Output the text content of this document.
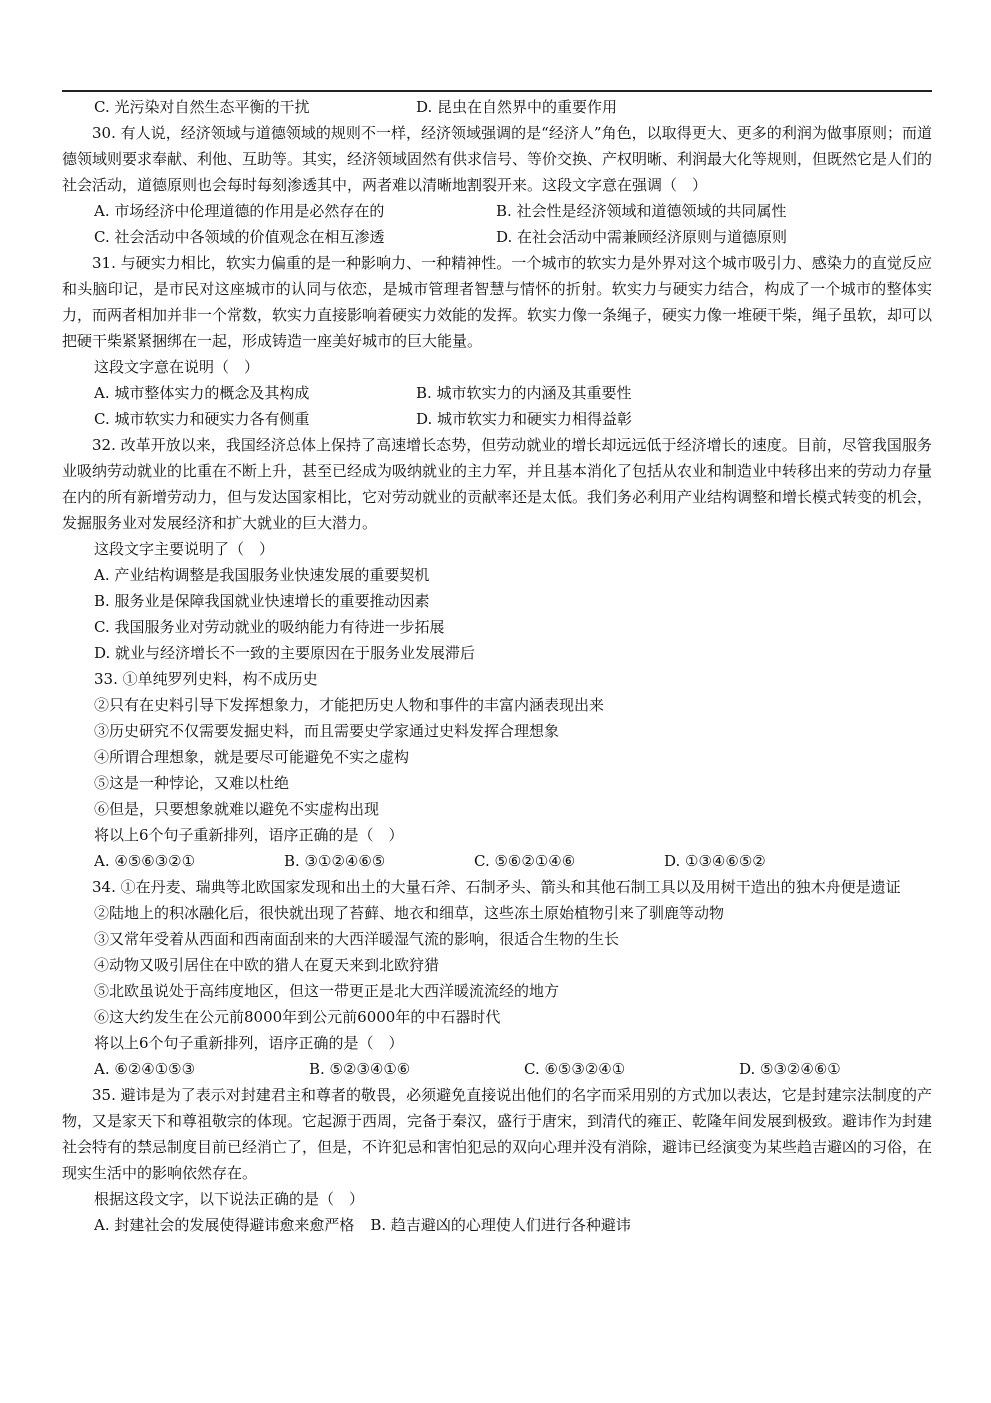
C. 光污染对自然生态平衡的干扰	D. 昆虫在自然界中的重要作用
30. 有人说，经济领域与道德领域的规则不一样，经济领域强调的是“经济人”角色，以取得更大、更多的利润为做事原则；而道德领域则要求奉献、利他、互助等。其实，经济领域固然有供求信号、等价交换、产权明晰、利润最大化等规则，但既然它是人们的社会活动，道德原则也会每时每刻渗透其中，两者难以清晰地割裂开来。这段文字意在强调（　）
A. 市场经济中伦理道德的作用是必然存在的	B. 社会性是经济领域和道德领域的共同属性
C. 社会活动中各领域的价值观念在相互渗透	D. 在社会活动中需兼顾经济原则与道德原则
31. 与硬实力相比，软实力偏重的是一种影响力、一种精神性。一个城市的软实力是外界对这个城市吸引力、感染力的直觉反应和头脑印记，是市民对这座城市的认同与依恋，是城市管理者智慧与情怀的折射。软实力与硬实力结合，构成了一个城市的整体实力，而两者相加并非一个常数，软实力直接影响着硬实力效能的发挥。软实力像一条绳子，硬实力像一堆硬干柴，绳子虽软，却可以把硬干柴紧紧捆绑在一起，形成铸造一座美好城市的巨大能量。
这段文字意在说明（　）
A. 城市整体实力的概念及其构成	B. 城市软实力的内涵及其重要性
C. 城市软实力和硬实力各有侧重	D. 城市软实力和硬实力相得益彰
32. 改革开放以来，我国经济总体上保持了高速增长态势，但劳动就业的增长却远远低于经济增长的速度。目前，尽管我国服务业吸纳劳动就业的比重在不断上升，甚至已经成为吸纳就业的主力军，并且基本消化了包括从农业和制造业中转移出来的劳动力存量在内的所有新增劳动力，但与发达国家相比，它对劳动就业的贡献率还是太低。我们务必利用产业结构调整和增长模式转变的机会，发掘服务业对发展经济和扩大就业的巨大潜力。
这段文字主要说明了（　）
A. 产业结构调整是我国服务业快速发展的重要契机
B. 服务业是保障我国就业快速增长的重要推动因素
C. 我国服务业对劳动就业的吸纳能力有待进一步拓展
D. 就业与经济增长不一致的主要原因在于服务业发展滞后
33. ①单纯罗列史料，构不成历史
②只有在史料引导下发挥想象力，才能把历史人物和事件的丰富内涵表现出来
③历史研究不仅需要发掘史料，而且需要史学家通过史料发挥合理想象
④所谓合理想象，就是要尽可能避免不实之虚构
⑤这是一种悖论，又难以杜绝
⑥但是，只要想象就难以避免不实虚构出现
将以上6个句子重新排列，语序正确的是（　）
A. ④⑤⑥③②①	B. ③①②④⑥⑤	C. ⑤⑥②①④⑥	D. ①③④⑥⑤②
34. ①在丹麦、瑞典等北欧国家发现和出土的大量石斧、石制矛头、箭头和其他石制工具以及用树干造出的独木舟便是遗证
②陆地上的积冰融化后，很快就出现了苔藓、地衣和细草，这些冻土原始植物引来了驯鹿等动物
③又常年受着从西面和西南面刮来的大西洋暖湿气流的影响，很适合生物的生长
④动物又吸引居住在中欧的猎人在夏天来到北欧狩猎
⑤北欧虽说处于高纬度地区，但这一带更正是北大西洋暖流流经的地方
⑥这大约发生在公元前8000年到公元前6000年的中石器时代
将以上6个句子重新排列，语序正确的是（　）
A. ⑥②④①⑤③	B. ⑤②③④①⑥	C. ⑥⑤③②④①	D. ⑤③②④⑥①
35. 避讳是为了表示对封建君主和尊者的敬畏，必须避免直接说出他们的名字而采用别的方式加以表达，它是封建宗法制度的产物，又是家天下和尊祖敬宗的体现。它起源于西周，完备于秦汉，盛行于唐宋，到清代的雍正、乾隆年间发展到极致。避讳作为封建社会特有的禁忌制度目前已经消亡了，但是，不许犯忌和害怕犯忌的双向心理并没有消除，避讳已经演变为某些趋吉避凶的习俗，在现实生活中的影响依然存在。
根据这段文字，以下说法正确的是（　）
A. 封建社会的发展使得避讳愈来愈严格	B. 趋吉避凶的心理使人们进行各种避讳
